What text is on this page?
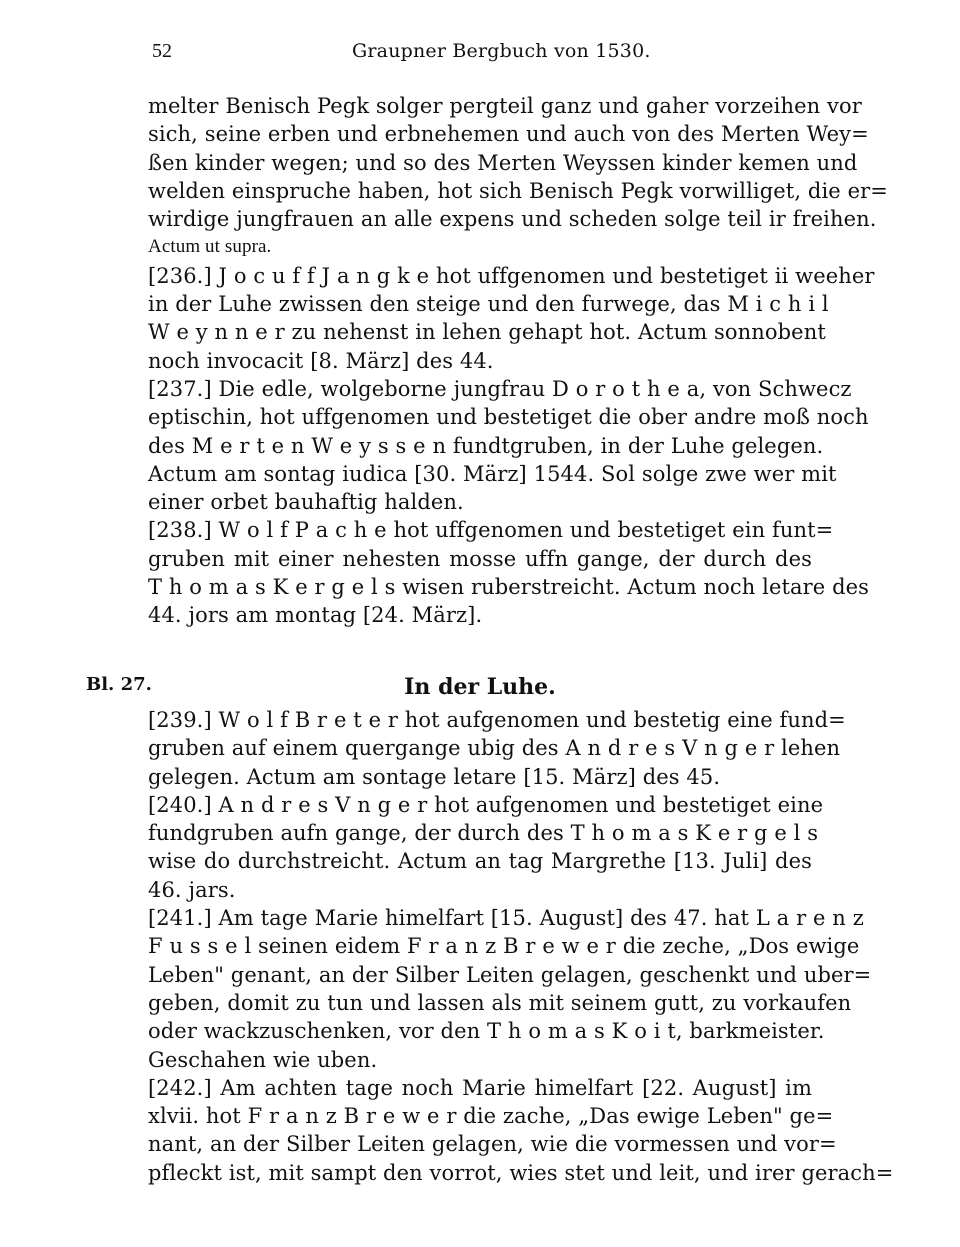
52	Graupner Bergbuch von 1530.
melter Benisch Pegk solger pergteil ganz und gaher vorzeihen vor
sich, seine erben und erbnehemen und auch von des Merten Wey=
ßen kinder wegen; und so des Merten Weyssen kinder kemen und
welden einspruche haben, hot sich Benisch Pegk vorwilliget, die er=
wirdige jungfrauen an alle expens und scheden solge teil ir freihen.
Actum ut supra.
[236.] J o c u f f J a n g k e hot uffgenomen und bestetiget ii weeher
in der Luhe zwissen den steige und den furwege, das M i c h i l
W e y n n e r zu nehenst in lehen gehapt hot. Actum sonnobent
noch invocacit [8. März] des 44.
[237.] Die edle, wolgeborne jungfrau D o r o t h e a, von Schwecz
eptischin, hot uffgenomen und bestetiget die ober andre moß noch
des M e r t e n W e y s s e n fundtgruben, in der Luhe gelegen.
Actum am sontag iudica [30. März] 1544. Sol solge zwe wer mit
einer orbet bauhaftig halden.
[238.] W o l f P a c h e hot uffgenomen und bestetiget ein funt=
gruben mit einer nehesten mosse uffn gange, der durch des
T h o m a s K e r g e l s wisen ruberstreicht. Actum noch letare des
44. jors am montag [24. März].
Bl. 27.	In der Luhe.
[239.] W o l f B r e t e r hot aufgenomen und bestetig eine fund=
gruben auf einem quergange ubig des A n d r e s V n g e r lehen
gelegen. Actum am sontage letare [15. März] des 45.
[240.] A n d r e s V n g e r hot aufgenomen und bestetiget eine
fundgruben aufn gange, der durch des T h o m a s K e r g e l s
wise do durchstreicht. Actum an tag Margrethe [13. Juli] des
46. jars.
[241.] Am tage Marie himelfart [15. August] des 47. hat L a r e n z
F u s s e l seinen eidem F r a n z B r e w e r die zeche, „Dos ewige
Leben" genant, an der Silber Leiten gelagen, geschenkt und uber=
geben, domit zu tun und lassen als mit seinem gutt, zu vorkaufen
oder wackzuschenken, vor den T h o m a s K o i t, barkmeister.
Geschahen wie uben.
[242.] Am achten tage noch Marie himelfart [22. August] im
xlvii. hot F r a n z B r e w e r die zache, „Das ewige Leben" ge=
nant, an der Silber Leiten gelagen, wie die vormessen und vor=
pfleckt ist, mit sampt den vorrot, wies stet und leit, und irer gerach=
